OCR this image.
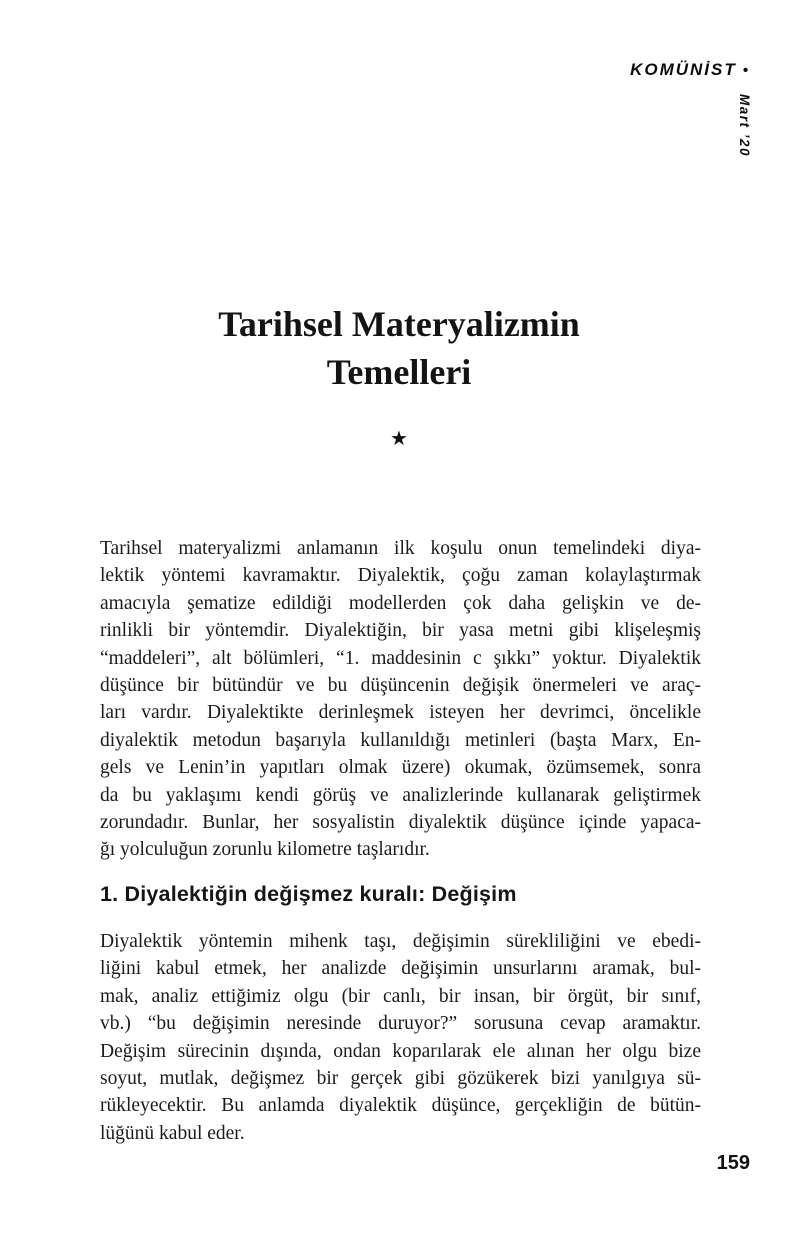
KOMÜNİST •
Mart ’20
Tarihsel Materyalizmin
Temelleri
★
Tarihsel materyalizmi anlamanın ilk koşulu onun temelindeki diya-
lektik yöntemi kavramaktır. Diyalektik, çoğu zaman kolaylaştırmak
amacıyla şematize edildiği modellerden çok daha gelişkin ve de-
rinlikli bir yöntemdir. Diyalektiğin, bir yasa metni gibi klişeleşmiş
“maddeleri”, alt bölümleri, “1. maddesinin c şıkkı” yoktur. Diyalektik
düşünce bir bütündür ve bu düşüncenin değişik önermeleri ve araç-
ları vardır. Diyalektikte derinleşmek isteyen her devrimci, öncelikle
diyalektik metodun başarıyla kullanıldığı metinleri (başta Marx, En-
gels ve Lenin’in yapıtları olmak üzere) okumak, özümsemek, sonra
da bu yaklaşımı kendi görüş ve analizlerinde kullanarak geliştirmek
zorundadır. Bunlar, her sosyalistin diyalektik düşünce içinde yapaca-
ğı yolculuğun zorunlu kilometre taşlarıdır.
1. Diyalektiğin değişmez kuralı: Değişim
Diyalektik yöntemin mihenk taşı, değişimin sürekliliğini ve ebedi-
liğini kabul etmek, her analizde değişimin unsurlarını aramak, bul-
mak, analiz ettiğimiz olgu (bir canlı, bir insan, bir örgüt, bir sınıf,
vb.) “bu değişimin neresinde duruyor?” sorusuna cevap aramaktır.
Değişim sürecinin dışında, ondan koparılarak ele alınan her olgu bize
soyut, mutlak, değişmez bir gerçek gibi gözükerek bizi yanılgıya sü-
rükleyecektir. Bu anlamda diyalektik düşünce, gerçekliğin de bütün-
lüğünü kabul eder.
159
